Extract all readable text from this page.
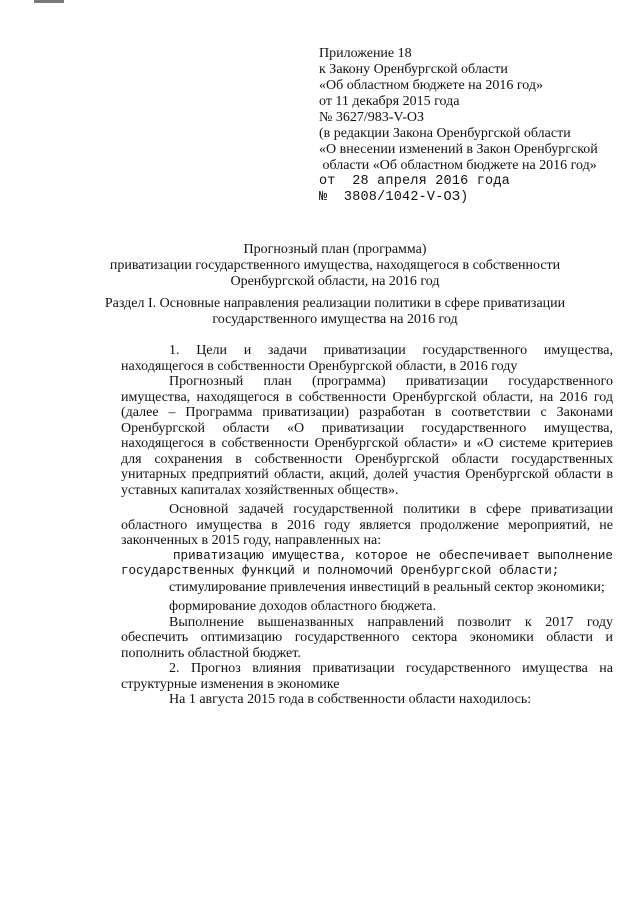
Приложение 18
к Закону Оренбургской области
«Об областном бюджете на 2016 год»
от 11 декабря 2015 года
№ 3627/983-V-ОЗ
(в редакции Закона Оренбургской области
«О внесении изменений в Закон Оренбургской
области «Об областном бюджете на 2016 год»
от  28 апреля 2016 года
№  3808/1042-V-ОЗ)
Прогнозный план (программа)
приватизации государственного имущества, находящегося в собственности
Оренбургской области, на 2016 год
Раздел I. Основные направления реализации политики в сфере приватизации
государственного имущества на 2016 год

1. Цели и задачи приватизации государственного имущества, находящегося в собственности Оренбургской области, в 2016 году

Прогнозный план (программа) приватизации государственного имущества, находящегося в собственности Оренбургской области, на 2016 год (далее – Программа приватизации) разработан в соответствии с Законами Оренбургской области «О приватизации государственного имущества, находящегося в собственности Оренбургской области» и «О системе критериев для сохранения в собственности Оренбургской области государственных унитарных предприятий области, акций, долей участия Оренбургской области в уставных капиталах хозяйственных обществ».

Основной задачей государственной политики в сфере приватизации областного имущества в 2016 году является продолжение мероприятий, не законченных в 2015 году, направленных на:

приватизацию имущества, которое не обеспечивает выполнение государственных функций и полномочий Оренбургской области;

стимулирование привлечения инвестиций в реальный сектор экономики;

формирование доходов областного бюджета.

Выполнение вышеназванных направлений позволит к 2017 году обеспечить оптимизацию государственного сектора экономики области и пополнить областной бюджет.

2. Прогноз влияния приватизации государственного имущества на структурные изменения в экономике

На 1 августа 2015 года в собственности области находилось:
